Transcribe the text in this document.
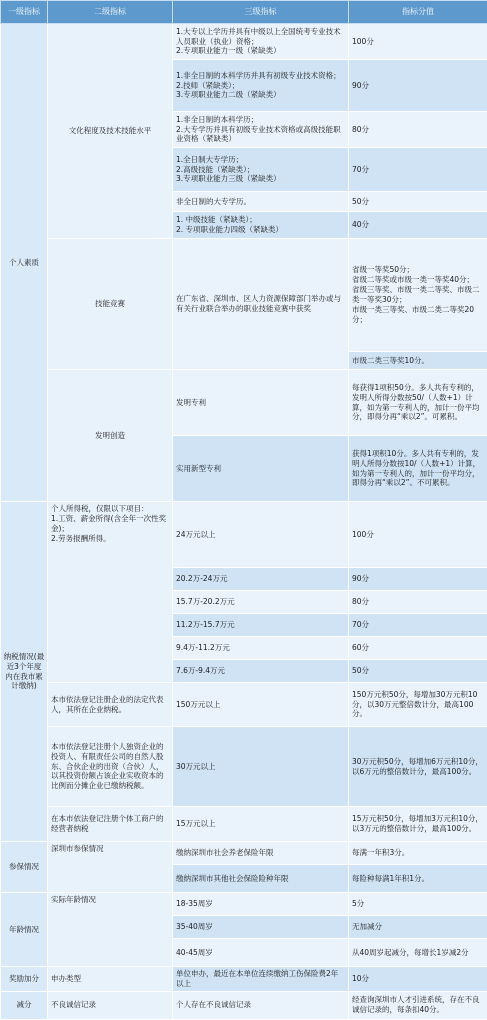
一级指标	二级指标	三级指标	指标分值
个人素质	文化程度及技术技能水平	1.大专以上学历并具有中级以上全国统考专业技术人员职业（执业）资格；
2.专项职业能力一级（紧缺类）	100分

		1.非全日制的本科学历并具有初级专业技术资格；
2.技师（紧缺类）；
3.专项职业能力二级（紧缺类）	90分

		1.非全日制的本科学历；
2.大专学历并具有初级专业技术资格或高级技能职业资格（紧缺类）	80分

		1.全日制大专学历；
2.高级技能（紧缺类）；
3.专项职业能力三级（紧缺类）	70分
		非全日制的大专学历。	50分

		1. 中级技能（紧缺类）；
2. 专项职业能力四级（紧缺类）	40分
	技能竞赛	在广东省、深圳市、区人力资源保障部门举办或与有关行业联合举办的职业技能竞赛中获奖	省级一等奖50分；
省级二等奖或市级一类一等奖40分；
省级三等奖、市级一类二等奖、市级二类一等奖30分；
市级一类三等奖、市级二类二等奖20分；

			市级二类三等奖10分。
	发明创造	发明专利	每获得1项积50分。多人共有专利的，发明人所得分数按50/（人数+1）计算，如为第一专利人的，加计一份平均分，即得分再“乘以2”。可累积。
		实用新型专利	获得1项积10分。多人共有专利的，发明人所得分数按10/（人数+1）计算，如为第一专利人的，加计一份平均分，即得分再“乘以2”。不可累积。
纳税情况(最近3个年度内在我市累计缴纳)	个人所得税，仅限以下项目：
1.工资、薪金所得(含全年一次性奖金)；
2.劳务报酬所得。	24万元以上	100分
		20.2万-24万元	90分
		15.7万-20.2万元	80分
		11.2万-15.7万元	70分
		9.4万-11.2万元	60分
		7.6万-9.4万元	50分
	本市依法登记注册企业的法定代表人，其所在企业纳税。	150万元以上	150万元积50分，每增加30万元积10分，以30万元整倍数计分，最高100分。
	本市依法登记注册个人独资企业的投资人、有限责任公司的自然人股东、合伙企业的出资（合伙）人，以其投资份额占该企业实收资本的比例而分摊企业已缴纳税额。	30万元以上	30万元积50分，每增加6万元积10分，以6万元的整倍数计分，最高100分。
	在本市依法登记注册个体工商户的经营者纳税	15万元以上	15万元积50分，每增加3万元积10分，以3万元的整倍数计分，最高100分。
参保情况	深圳市参保情况	缴纳深圳市社会养老保险年限	每满一年积3分。
		缴纳深圳市其他社会保险险种年限	每险种每满1年积1分。
年龄情况	实际年龄情况	18-35周岁	5分
		35-40周岁	无加减分
		40-45周岁	从40周岁起减分，每增长1岁减2分
奖励加分	申办类型	单位申办，最近在本单位连续缴纳工伤保险费2年以上	10分
减分	不良诚信记录	个人存在不良诚信记录	经查询深圳市人才引进系统，存在不良诚信记录的，每条扣40分。
